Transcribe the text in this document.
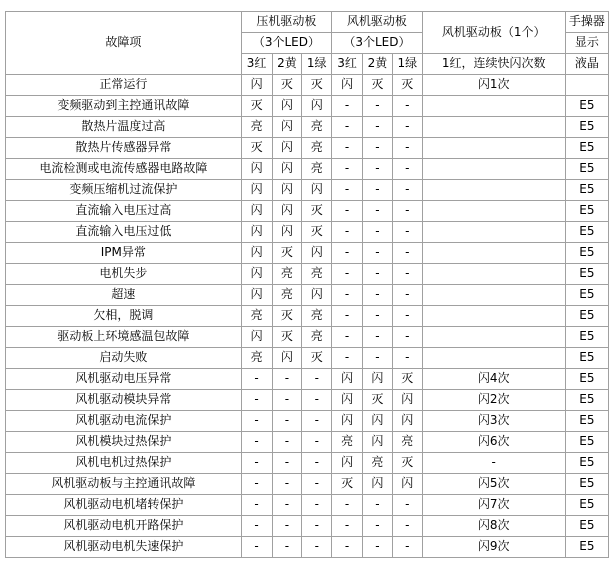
故障项	压机驱动板			风机驱动板			风机驱动板（1个）	手操器
	（3个LED）			（3个LED）				显示
	3红	2黄	1绿	3红	2黄	1绿	1红，连续快闪次数	液晶
正常运行	闪	灭	灭	闪	灭	灭	闪1次	
变频驱动到主控通讯故障	灭	闪	闪	-	-	-		E5
散热片温度过高	亮	闪	亮	-	-	-		E5
散热片传感器异常	灭	闪	亮	-	-	-		E5
电流检测或电流传感器电路故障	闪	闪	亮	-	-	-		E5
变频压缩机过流保护	闪	闪	闪	-	-	-		E5
直流输入电压过高	闪	闪	灭	-	-	-		E5
直流输入电压过低	闪	闪	灭	-	-	-		E5
IPM异常	闪	灭	闪	-	-	-		E5
电机失步	闪	亮	亮	-	-	-		E5
超速	闪	亮	闪	-	-	-		E5
欠相，脱调	亮	灭	亮	-	-	-		E5
驱动板上环境感温包故障	闪	灭	亮	-	-	-		E5
启动失败	亮	闪	灭	-	-	-		E5
风机驱动电压异常	-	-	-	闪	闪	灭	闪4次	E5
风机驱动模块异常	-	-	-	闪	灭	闪	闪2次	E5
风机驱动电流保护	-	-	-	闪	闪	闪	闪3次	E5
风机模块过热保护	-	-	-	亮	闪	亮	闪6次	E5
风机电机过热保护	-	-	-	闪	亮	灭	-	E5
风机驱动板与主控通讯故障	-	-	-	灭	闪	闪	闪5次	E5
风机驱动电机堵转保护	-	-	-	-	-	-	闪7次	E5
风机驱动电机开路保护	-	-	-	-	-	-	闪8次	E5
风机驱动电机失速保护	-	-	-	-	-	-	闪9次	E5
